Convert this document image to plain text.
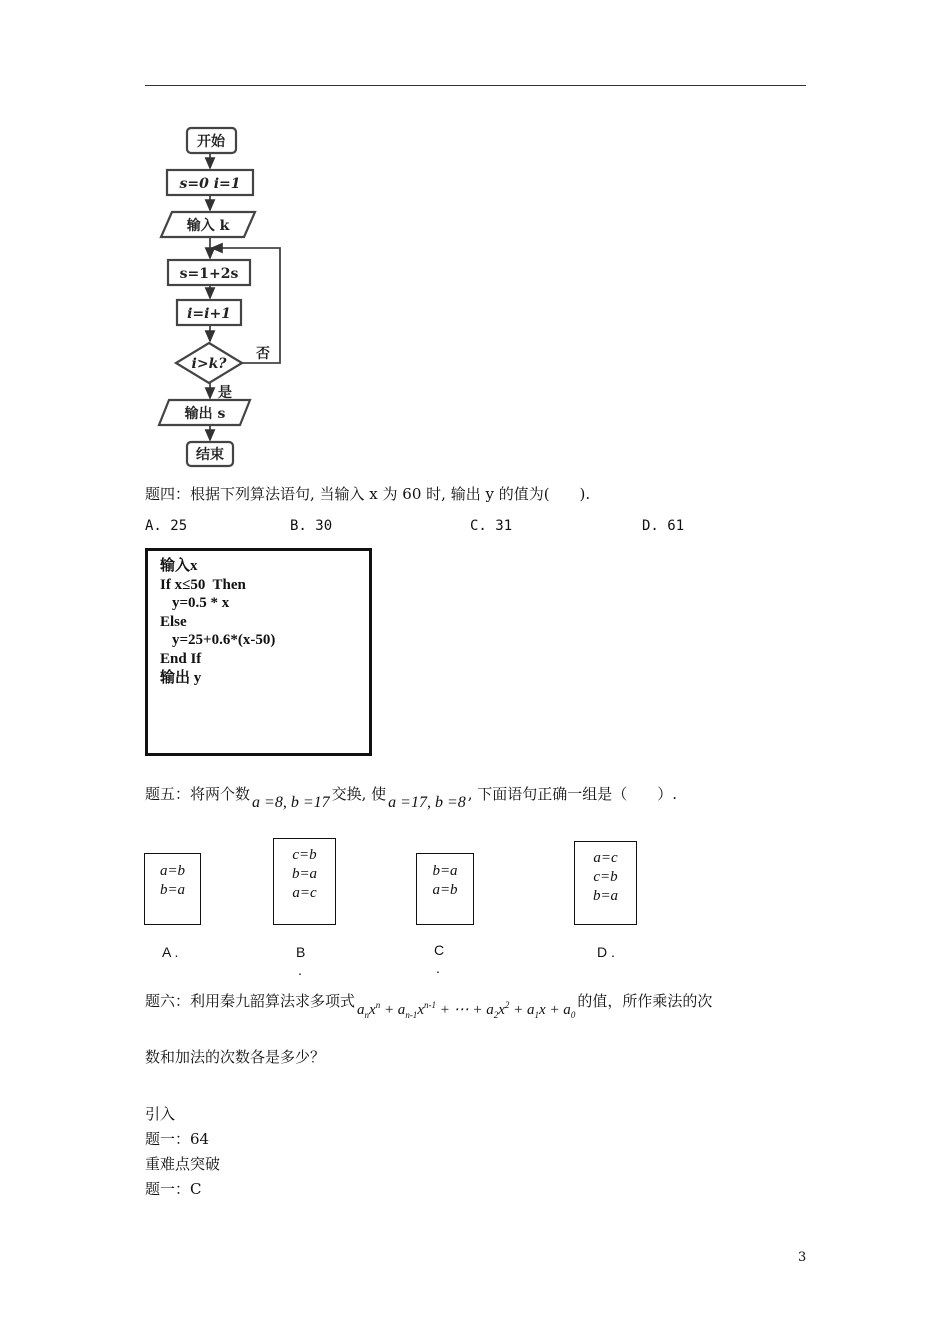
开始
s=0 i=1
输入 k
s=1+2s
i=i+1
i>k?
否
是
输出 s
结束
题四：根据下列算法语句, 当输入 x 为 60 时, 输出 y 的值为(　　).
A. 25	B. 30	C. 31	D. 61
输入x
If x≤50  Then
y=0.5 * x
Else
y=25+0.6*(x-50)
End If
输出 y
题五：将两个数 a =8, b =17 交换, 使 a =17, b =8 , 下面语句正确一组是（　　）.
a=b
b=a
c=b
b=a
a=c
b=a
a=b
a=c
c=b
b=a
A .	B
.
C
.
D .
题六：利用秦九韶算法求多项式 $a_nx^n + a_{n-1}x^{n-1}$ + ⋯ + $a_2x^2 + a_1x + a_0$的值，所作乘法的次
数和加法的次数各是多少？
引入
题一：64
重难点突破
题一：C
3
